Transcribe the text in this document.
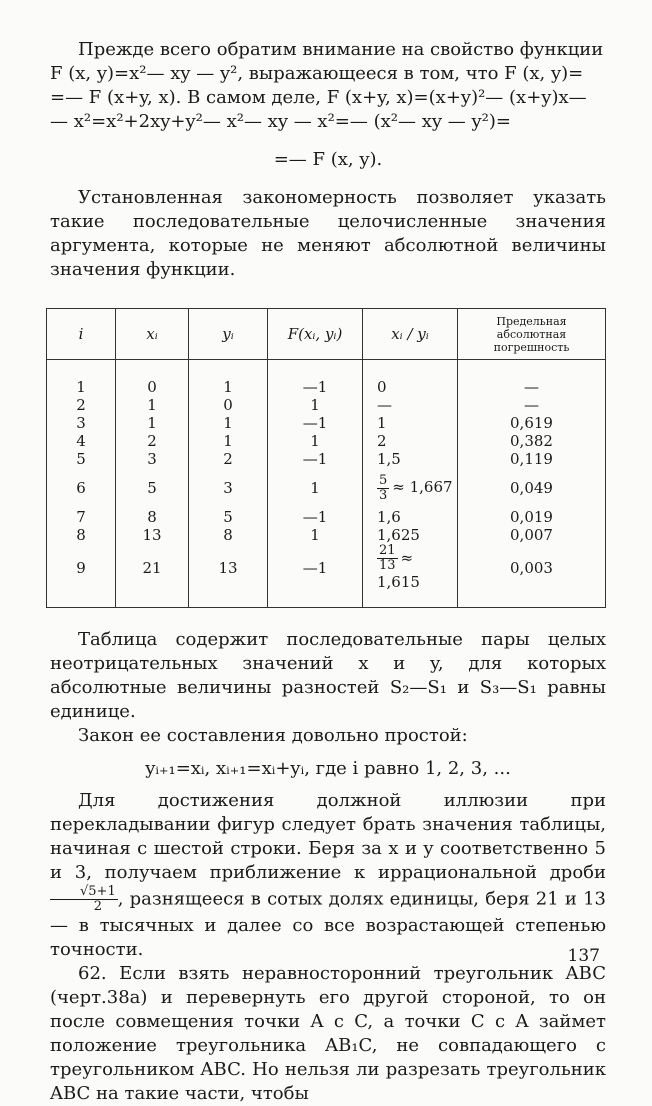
Прежде всего обратим внимание на свойство функции

F (x, y)=x²— xy — y², выражающееся в том, что F (x, y)=

=— F (x+y, x). В самом деле, F (x+y, x)=(x+y)²— (x+y)x—

— x²=x²+2xy+y²— x²— xy — x²=— (x²— xy — y²)=

=— F (x, y).

Установленная закономерность позволяет указать такие последовательные целочисленные значения аргумента, которые не меняют абсолютной величины значения функции.

i	xᵢ	yᵢ	F(xᵢ, yᵢ)	xᵢ / yᵢ	Предельная абсолютная погрешность
1	0	1	—1	0	—
2	1	0	1	—	—
3	1	1	—1	1	0,619
4	2	1	1	2	0,382
5	3	2	—1	1,5	0,119
6	5	3	1	$\frac{5}{3} \approx 1,667$	0,049
7	8	5	—1	1,6	0,019
8	13	8	1	1,625	0,007
9	21	13	—1	$\frac{21}{13} \approx 1,615$	0,003

Таблица содержит последовательные пары целых неотрицательных значений x и y, для которых абсолютные величины разностей S₂—S₁ и S₃—S₁ равны единице.

Закон ее составления довольно простой:

yᵢ₊₁=xᵢ, xᵢ₊₁=xᵢ+yᵢ, где i равно 1, 2, 3, ...

Для достижения должной иллюзии при перекладывании фигур следует брать значения таблицы, начиная с шестой строки. Беря за x и y соответственно 5 и 3, получаем приближение к иррациональной дроби
$\frac{√5+1}{2}$ , разнящееся в сотых долях единицы, беря 21 и 13 — в тысячных и далее со все возрастающей степенью точности.

62. Если взять неравносторонний треугольник ABC (черт.38а) и перевернуть его другой стороной, то он после совмещения точки A с C, а точки C с A займет положение треугольника AB₁C, не совпадающего с треугольником ABC. Но нельзя ли разрезать треугольник ABC на такие части, чтобы

137
